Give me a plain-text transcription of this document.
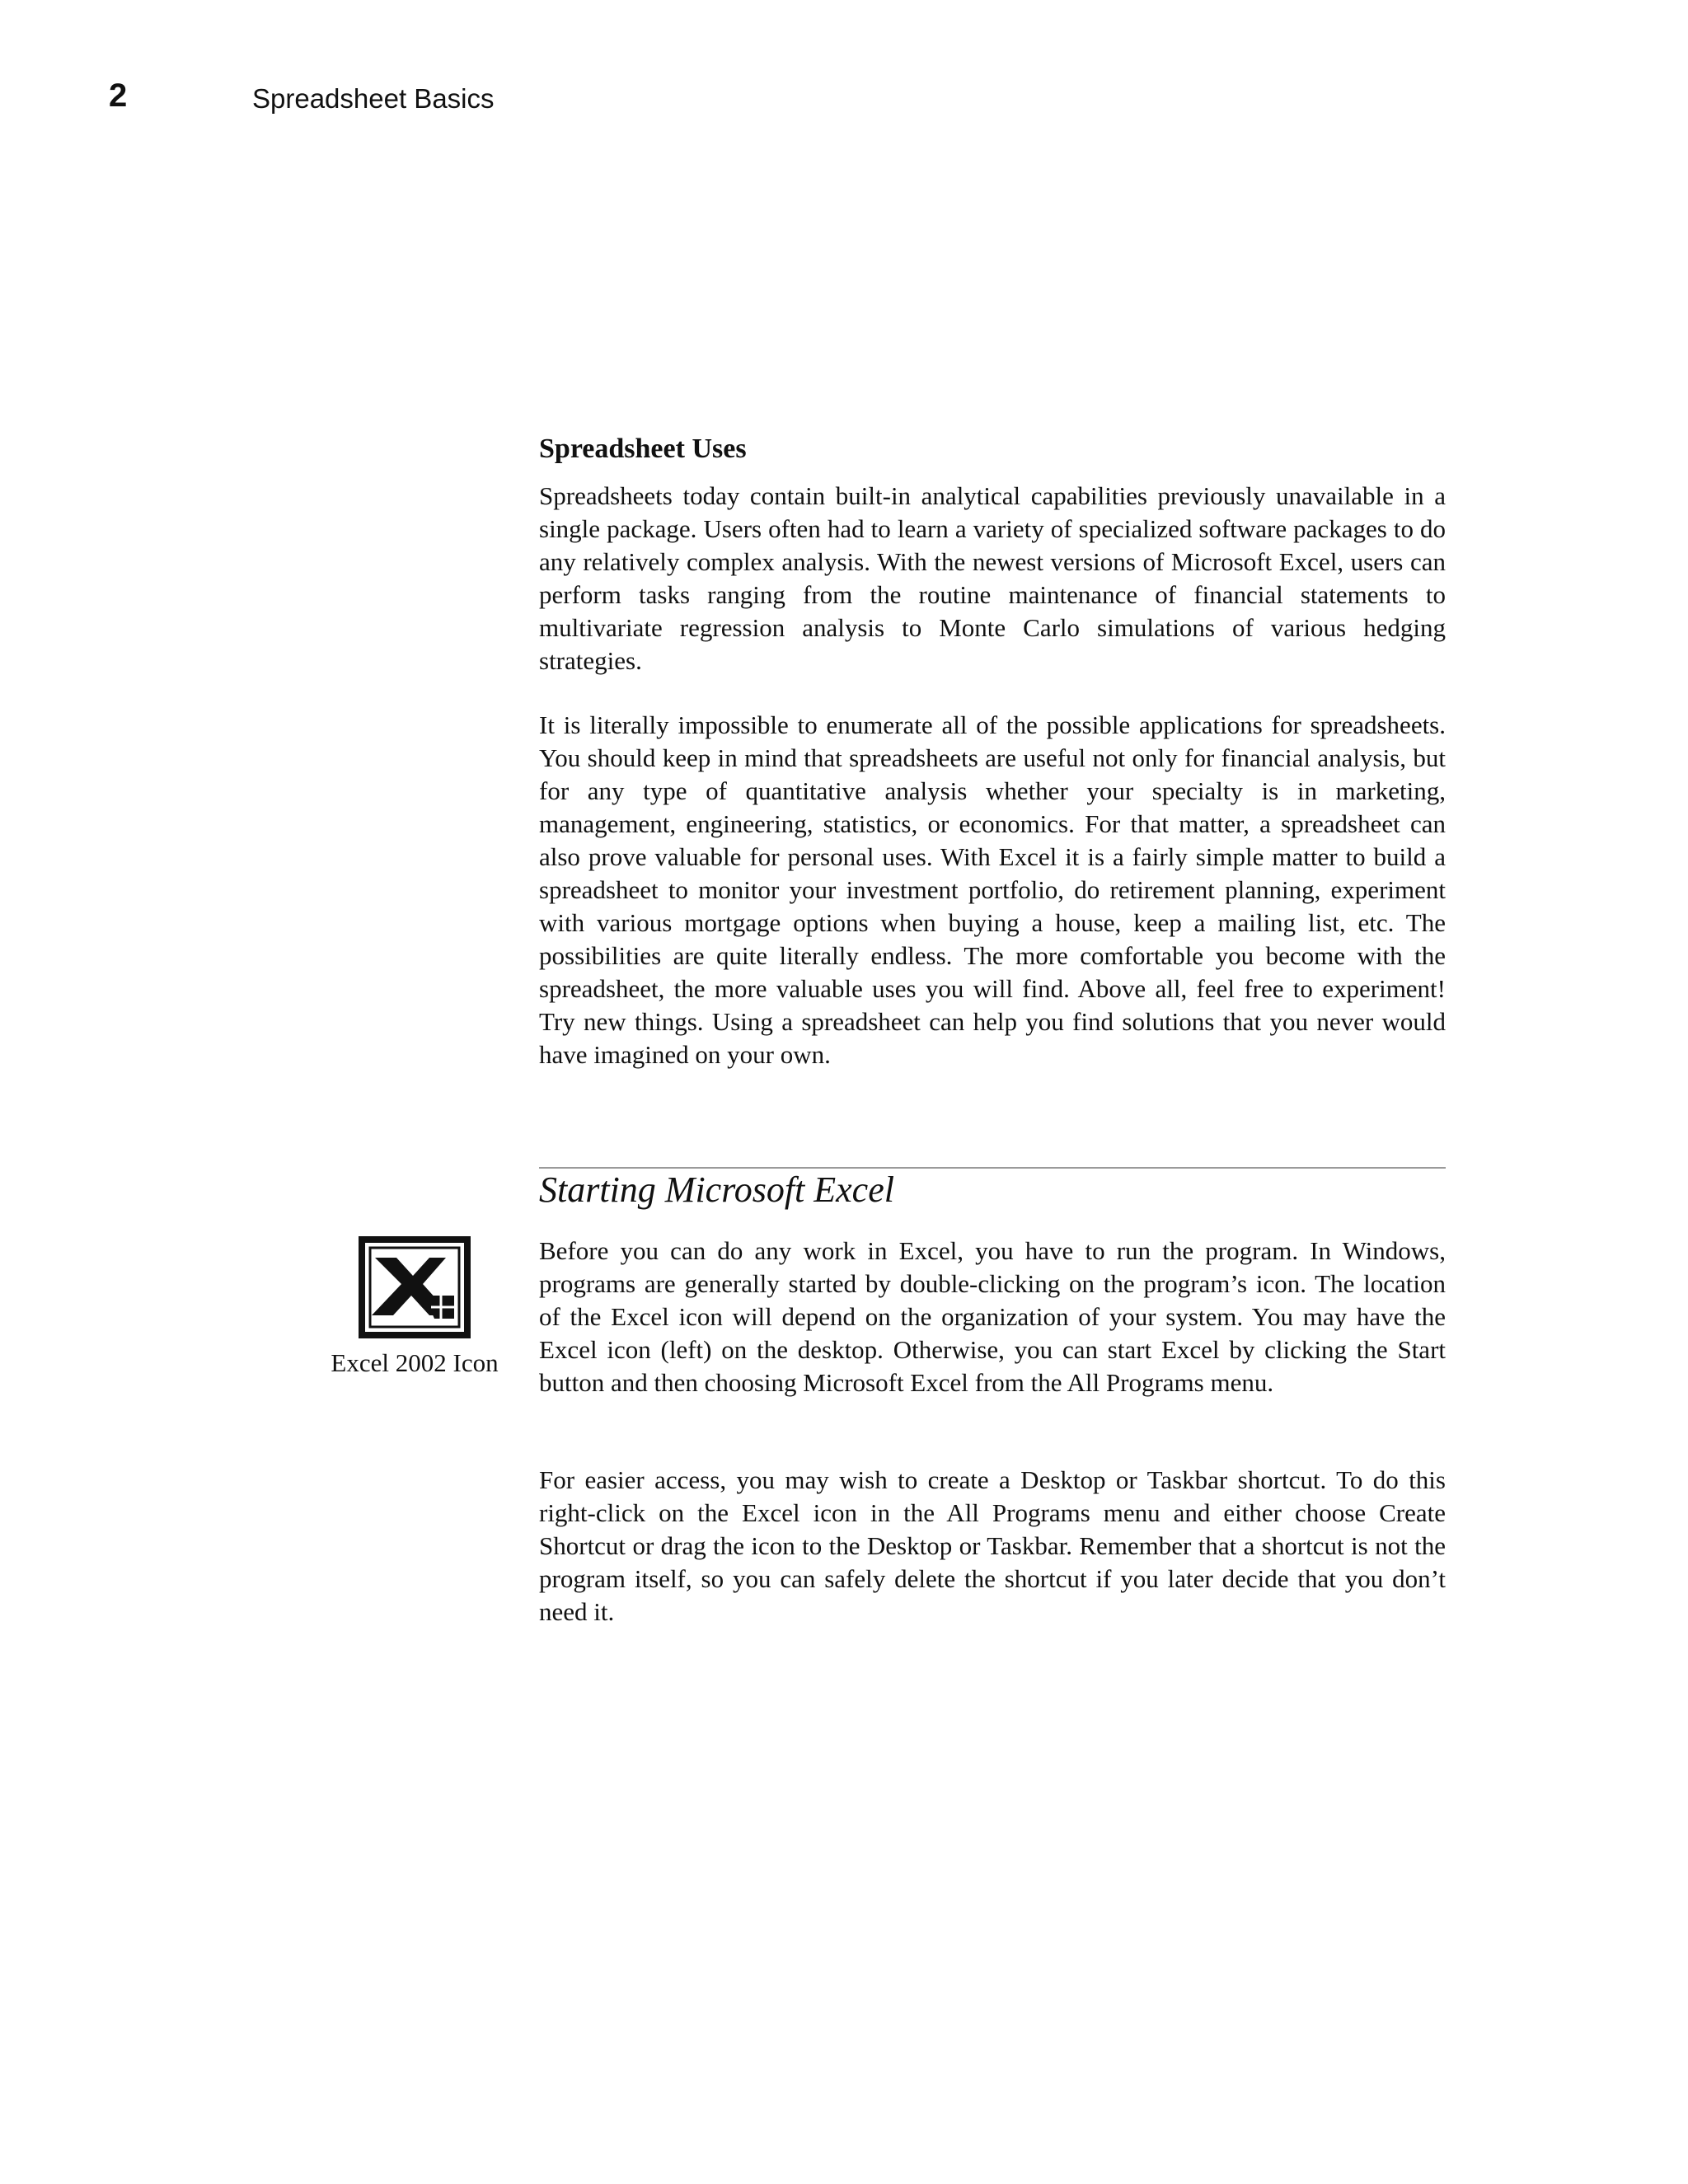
2	Spreadsheet Basics
Spreadsheet Uses

Spreadsheets today contain built-in analytical capabilities previously unavailable in a single package. Users often had to learn a variety of specialized software packages to do any relatively complex analysis. With the newest versions of Microsoft Excel, users can perform tasks ranging from the routine maintenance of financial statements to multivariate regression analysis to Monte Carlo simulations of various hedging strategies.

It is literally impossible to enumerate all of the possible applications for spreadsheets. You should keep in mind that spreadsheets are useful not only for financial analysis, but for any type of quantitative analysis whether your specialty is in marketing, management, engineering, statistics, or economics. For that matter, a spreadsheet can also prove valuable for personal uses. With Excel it is a fairly simple matter to build a spreadsheet to monitor your investment portfolio, do retirement planning, experiment with various mortgage options when buying a house, keep a mailing list, etc. The possibilities are quite literally endless. The more comfortable you become with the spreadsheet, the more valuable uses you will find. Above all, feel free to experiment! Try new things. Using a spreadsheet can help you find solutions that you never would have imagined on your own.

Starting Microsoft Excel
Excel 2002 Icon

Before you can do any work in Excel, you have to run the program. In Windows, programs are generally started by double-clicking on the program’s icon. The location of the Excel icon will depend on the organization of your system. You may have the Excel icon (left) on the desktop. Otherwise, you can start Excel by clicking the Start button and then choosing Microsoft Excel from the All Programs menu.

For easier access, you may wish to create a Desktop or Taskbar shortcut. To do this right-click on the Excel icon in the All Programs menu and either choose Create Shortcut or drag the icon to the Desktop or Taskbar. Remember that a shortcut is not the program itself, so you can safely delete the shortcut if you later decide that you don’t need it.
